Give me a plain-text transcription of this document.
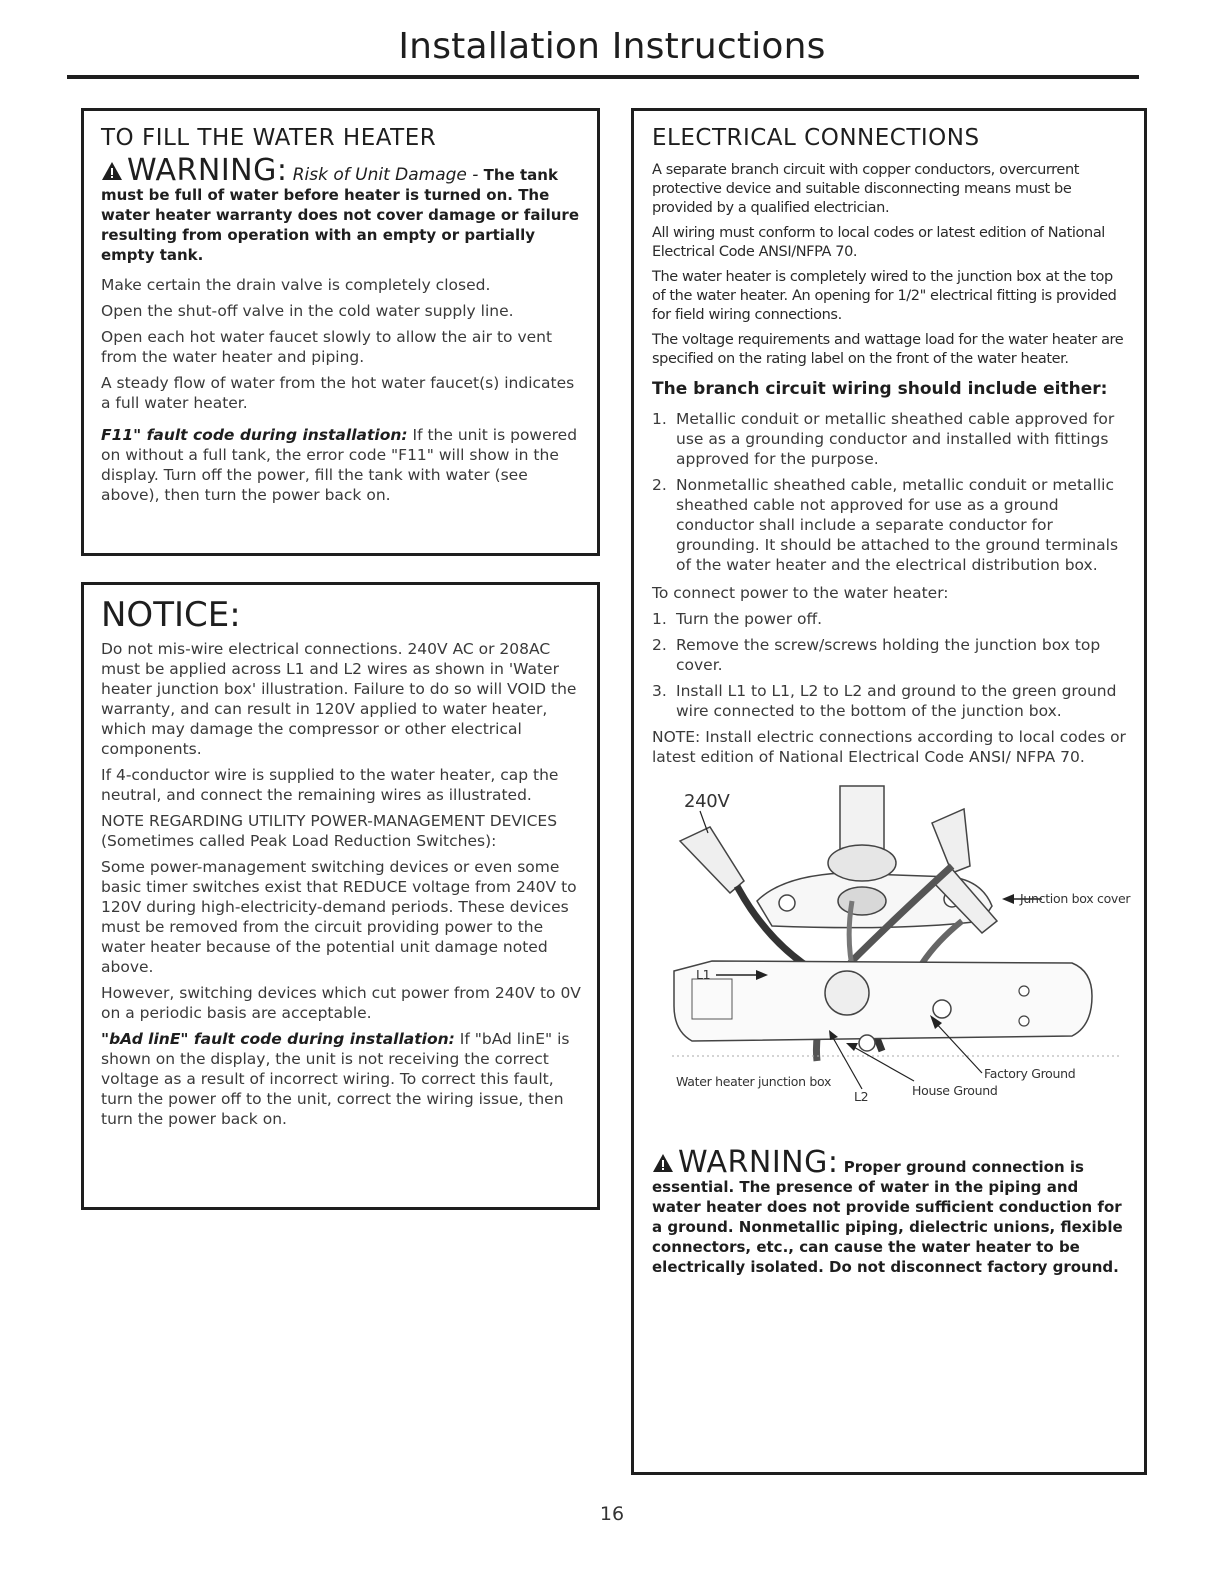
Installation Instructions
TO FILL THE WATER HEATER

WARNING: Risk of Unit Damage - The tank must be full of water before heater is turned on. The water heater warranty does not cover damage or failure resulting from operation with an empty or partially empty tank.

Make certain the drain valve is completely closed.

Open the shut-off valve in the cold water supply line.

Open each hot water faucet slowly to allow the air to vent from the water heater and piping.

A steady flow of water from the hot water faucet(s) indicates a full water heater.

F11" fault code during installation: If the unit is powered on without a full tank, the error code "F11" will show in the display. Turn off the power, fill the tank with water (see above), then turn the power back on.

NOTICE:

Do not mis-wire electrical connections. 240V AC or 208AC must be applied across L1 and L2 wires as shown in 'Water heater junction box' illustration. Failure to do so will VOID the warranty, and can result in 120V applied to water heater, which may damage the compressor or other electrical components.

If 4-conductor wire is supplied to the water heater, cap the neutral, and connect the remaining wires as illustrated.

NOTE REGARDING UTILITY POWER-MANAGEMENT DEVICES (Sometimes called Peak Load Reduction Switches):

Some power-management switching devices or even some basic timer switches exist that REDUCE voltage from 240V to 120V during high-electricity-demand periods. These devices must be removed from the circuit providing power to the water heater because of the potential unit damage noted above.

However, switching devices which cut power from 240V to 0V on a periodic basis are acceptable.

"bAd linE" fault code during installation: If "bAd linE" is shown on the display, the unit is not receiving the correct voltage as a result of incorrect wiring. To correct this fault, turn the power off to the unit, correct the wiring issue, then turn the power back on.

ELECTRICAL CONNECTIONS

A separate branch circuit with copper conductors, overcurrent protective device and suitable disconnecting means must be provided by a qualified electrician.

All wiring must conform to local codes or latest edition of National Electrical Code ANSI/NFPA 70.

The water heater is completely wired to the junction box at the top of the water heater. An opening for 1/2" electrical fitting is provided for field wiring connections.

The voltage requirements and wattage load for the water heater are specified on the rating label on the front of the water heater.

The branch circuit wiring should include either:
1. Metallic conduit or metallic sheathed cable approved for use as a grounding conductor and installed with fittings approved for the purpose.
2. Nonmetallic sheathed cable, metallic conduit or metallic sheathed cable not approved for use as a ground conductor shall include a separate conductor for grounding. It should be attached to the ground terminals of the water heater and the electrical distribution box.

To connect power to the water heater:

1. Turn the power off.
2. Remove the screw/screws holding the junction box top cover.
3. Install L1 to L1, L2 to L2 and ground to the green ground wire connected to the bottom of the junction box.

NOTE: Install electric connections according to local codes or latest edition of National Electrical Code ANSI/ NFPA 70.

240V
Junction box cover
L1
Factory Ground
Water heater junction box
L2	House Ground

WARNING: Proper ground connection is essential. The presence of water in the piping and water heater does not provide sufficient conduction for a ground. Nonmetallic piping, dielectric unions, flexible connectors, etc., can cause the water heater to be electrically isolated. Do not disconnect factory ground.

16
